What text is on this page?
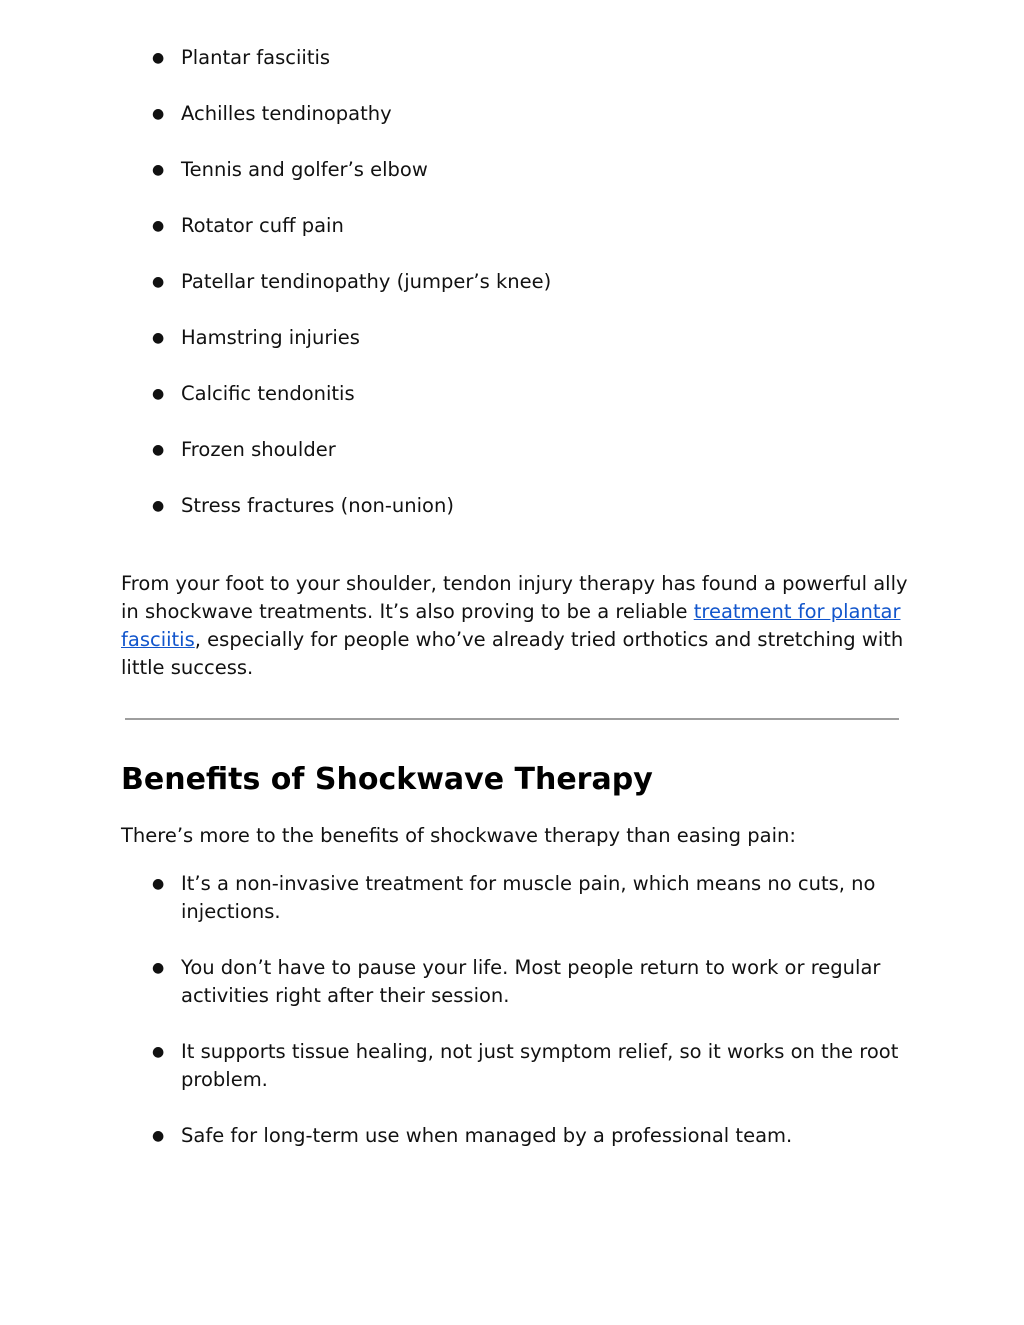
● Plantar fasciitis
● Achilles tendinopathy
● Tennis and golfer’s elbow
● Rotator cuff pain
● Patellar tendinopathy (jumper’s knee)
● Hamstring injuries
● Calcific tendonitis
● Frozen shoulder
● Stress fractures (non-union)

From your foot to your shoulder, tendon injury therapy has found a powerful ally in shockwave treatments. It’s also proving to be a reliable treatment for plantar fasciitis, especially for people who’ve already tried orthotics and stretching with little success.

Benefits of Shockwave Therapy

There’s more to the benefits of shockwave therapy than easing pain:

● It’s a non-invasive treatment for muscle pain, which means no cuts, no injections.
● You don’t have to pause your life. Most people return to work or regular activities right after their session.
● It supports tissue healing, not just symptom relief, so it works on the root problem.
● Safe for long-term use when managed by a professional team.
